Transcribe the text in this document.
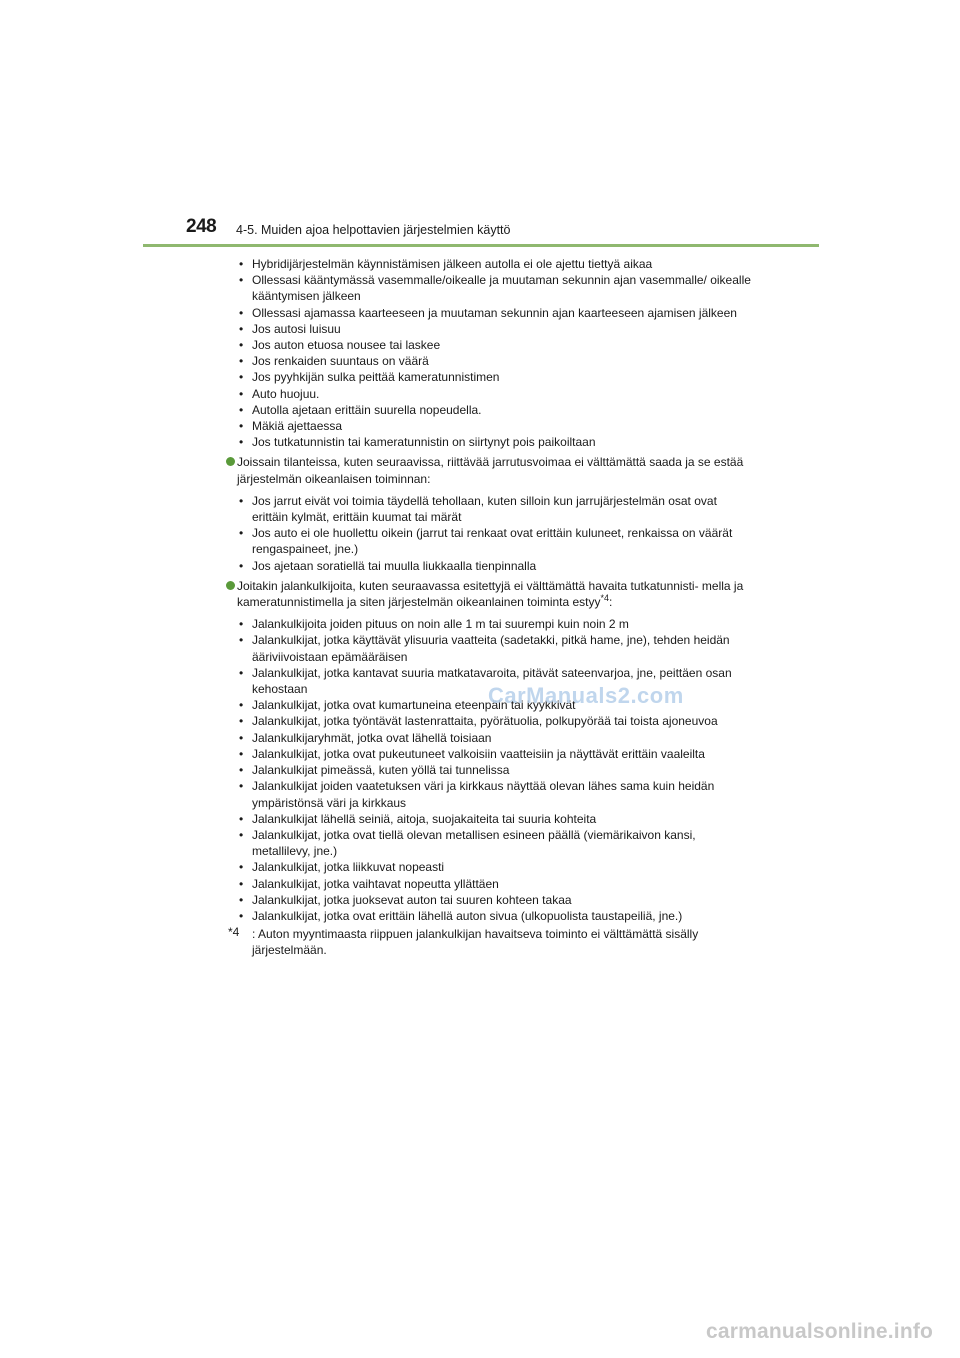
248 4-5. Muiden ajoa helpottavien järjestelmien käyttö
• Hybridijärjestelmän käynnistämisen jälkeen autolla ei ole ajettu tiettyä aikaa
• Ollessasi kääntymässä vasemmalle/oikealle ja muutaman sekunnin ajan vasemmalle/ oikealle kääntymisen jälkeen
• Ollessasi ajamassa kaarteeseen ja muutaman sekunnin ajan kaarteeseen ajamisen jälkeen
• Jos autosi luisuu
• Jos auton etuosa nousee tai laskee
• Jos renkaiden suuntaus on väärä
• Jos pyyhkijän sulka peittää kameratunnistimen
• Auto huojuu.
• Autolla ajetaan erittäin suurella nopeudella.
• Mäkiä ajettaessa
• Jos tutkatunnistin tai kameratunnistin on siirtynyt pois paikoiltaan
Joissain tilanteissa, kuten seuraavissa, riittävää jarrutusvoimaa ei välttämättä saada ja se estää järjestelmän oikeanlaisen toiminnan:
• Jos jarrut eivät voi toimia täydellä tehollaan, kuten silloin kun jarrujärjestelmän osat ovat erittäin kylmät, erittäin kuumat tai märät
• Jos auto ei ole huollettu oikein (jarrut tai renkaat ovat erittäin kuluneet, renkaissa on väärät rengaspaineet, jne.)
• Jos ajetaan soratiellä tai muulla liukkaalla tienpinnalla
Joitakin jalankulkijoita, kuten seuraavassa esitettyjä ei välttämättä havaita tutkatunnisti- mella ja kameratunnistimella ja siten järjestelmän oikeanlainen toiminta estyy$^{*4}$:
• Jalankulkijoita joiden pituus on noin alle 1 m tai suurempi kuin noin 2 m
• Jalankulkijat, jotka käyttävät ylisuuria vaatteita (sadetakki, pitkä hame, jne), tehden heidän ääriviivoistaan epämääräisen
• Jalankulkijat, jotka kantavat suuria matkatavaroita, pitävät sateenvarjoa, jne, peittäen osan kehostaan
• Jalankulkijat, jotka ovat kumartuneina eteenpäin tai kyykkivät
• Jalankulkijat, jotka työntävät lastenrattaita, pyörätuolia, polkupyörää tai toista ajoneuvoa
• Jalankulkijaryhmät, jotka ovat lähellä toisiaan
• Jalankulkijat, jotka ovat pukeutuneet valkoisiin vaatteisiin ja näyttävät erittäin vaaleilta
• Jalankulkijat pimeässä, kuten yöllä tai tunnelissa
• Jalankulkijat joiden vaatetuksen väri ja kirkkaus näyttää olevan lähes sama kuin heidän ympäristönsä väri ja kirkkaus
• Jalankulkijat lähellä seiniä, aitoja, suojakaiteita tai suuria kohteita
• Jalankulkijat, jotka ovat tiellä olevan metallisen esineen päällä (viemärikaivon kansi, metallilevy, jne.)
• Jalankulkijat, jotka liikkuvat nopeasti
• Jalankulkijat, jotka vaihtavat nopeutta yllättäen
• Jalankulkijat, jotka juoksevat auton tai suuren kohteen takaa
• Jalankulkijat, jotka ovat erittäin lähellä auton sivua (ulkopuolista taustapeiliä, jne.)
*4 : Auton myyntimaasta riippuen jalankulkijan havaitseva toiminto ei välttämättä sisälly järjestelmään.
CarManuals2.com
carmanualsonline.info
